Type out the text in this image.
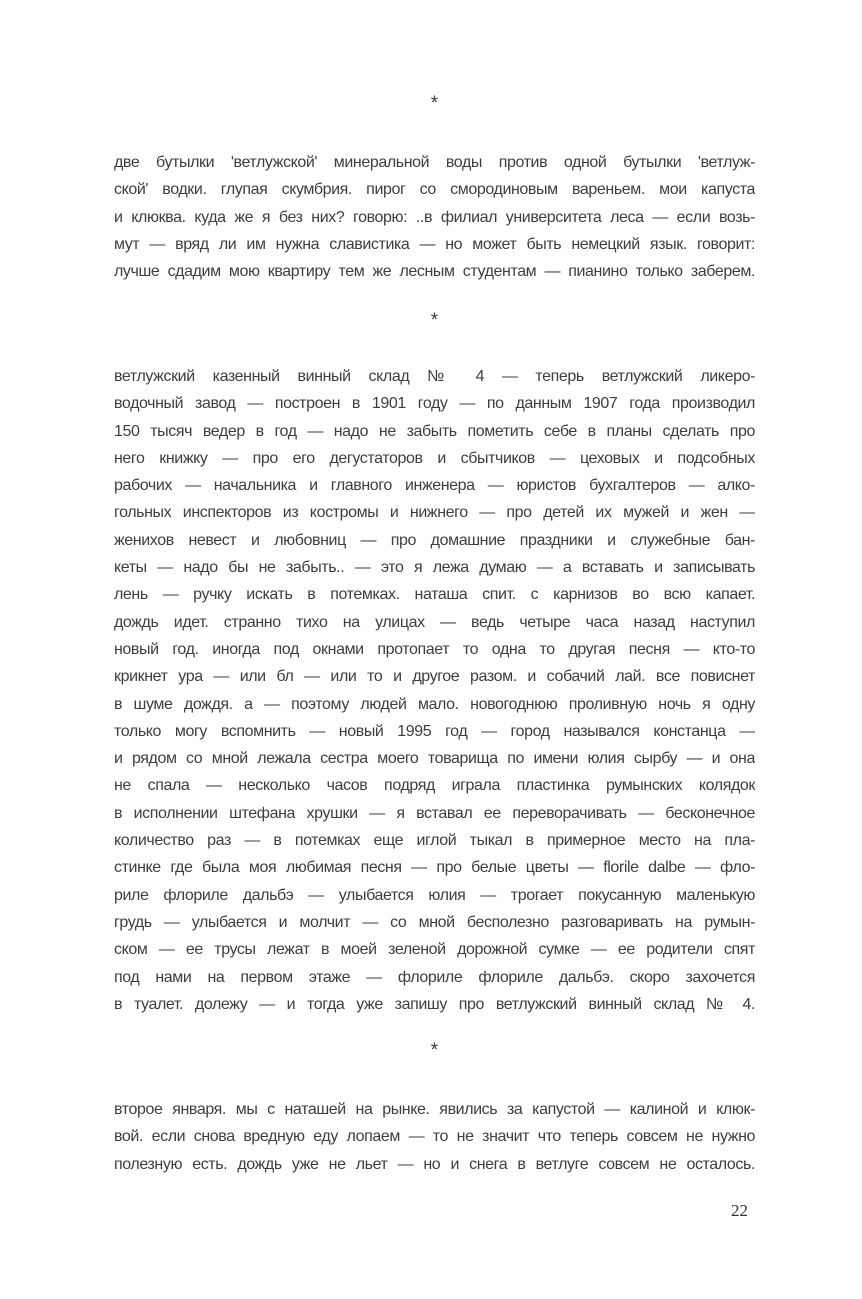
*
две бутылки 'ветлужской' минеральной воды против одной бутылки 'ветлуж-
ской' водки. глупая скумбрия. пирог со смородиновым вареньем. мои капуста
и клюква. куда же я без них? говорю: ..в филиал университета леса — если возь-
мут — вряд ли им нужна славистика — но может быть немецкий язык. говорит:
лучше сдадим мою квартиру тем же лесным студентам — пианино только заберем.
*
ветлужский казенный винный склад № 4 — теперь ветлужский ликеро-
водочный завод — построен в 1901 году — по данным 1907 года производил
150 тысяч ведер в год — надо не забыть пометить себе в планы сделать про
него книжку — про его дегустаторов и сбытчиков — цеховых и подсобных
рабочих — начальника и главного инженера — юристов бухгалтеров — алко-
гольных инспекторов из костромы и нижнего — про детей их мужей и жен —
женихов невест и любовниц — про домашние праздники и служебные бан-
кеты — надо бы не забыть.. — это я лежа думаю — а вставать и записывать
лень — ручку искать в потемках. наташа спит. с карнизов во всю капает.
дождь идет. странно тихо на улицах — ведь четыре часа назад наступил
новый год. иногда под окнами протопает то одна то другая песня — кто-то
крикнет ура — или бл — или то и другое разом. и собачий лай. все повиснет
в шуме дождя. а — поэтому людей мало. новогоднюю проливную ночь я одну
только могу вспомнить — новый 1995 год — город назывался констанца —
и рядом со мной лежала сестра моего товарища по имени юлия сырбу — и она
не спала — несколько часов подряд играла пластинка румынских колядок
в исполнении штефана хрушки — я вставал ее переворачивать — бесконечное
количество раз — в потемках еще иглой тыкал в примерное место на пла-
стинке где была моя любимая песня — про белые цветы — florile dalbe — фло-
риле флориле дальбэ — улыбается юлия — трогает покусанную маленькую
грудь — улыбается и молчит — со мной бесполезно разговаривать на румын-
ском — ее трусы лежат в моей зеленой дорожной сумке — ее родители спят
под нами на первом этаже — флориле флориле дальбэ. скоро захочется
в туалет. долежу — и тогда уже запишу про ветлужский винный склад № 4.
*
второе января. мы с наташей на рынке. явились за капустой — калиной и клюк-
вой. если снова вредную еду лопаем — то не значит что теперь совсем не нужно
полезную есть. дождь уже не льет — но и снега в ветлуге совсем не осталось.
22
